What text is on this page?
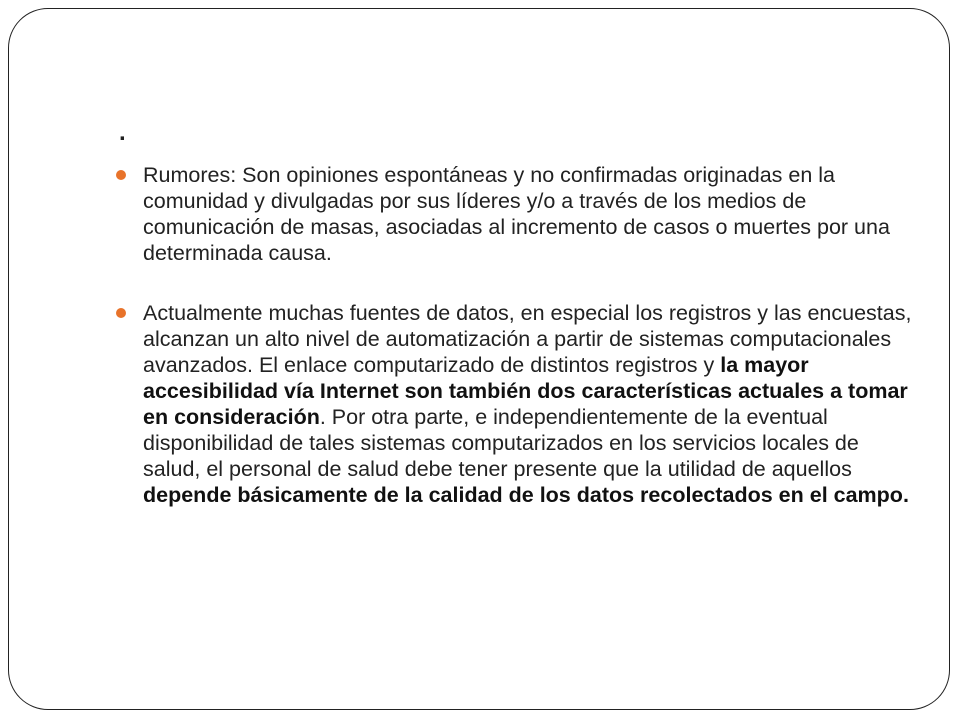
.
Rumores: Son opiniones espontáneas y no confirmadas originadas en la comunidad y divulgadas por sus líderes y/o a través de los medios de comunicación de masas, asociadas al incremento de casos o muertes por una determinada causa.
Actualmente muchas fuentes de datos, en especial los registros y las encuestas, alcanzan un alto nivel de automatización a partir de sistemas computacionales avanzados. El enlace computarizado de distintos registros y la mayor accesibilidad vía Internet son también dos características actuales a tomar en consideración. Por otra parte, e independientemente de la eventual disponibilidad de tales sistemas computarizados en los servicios locales de salud, el personal de salud debe tener presente que la utilidad de aquellos depende básicamente de la calidad de los datos recolectados en el campo.
